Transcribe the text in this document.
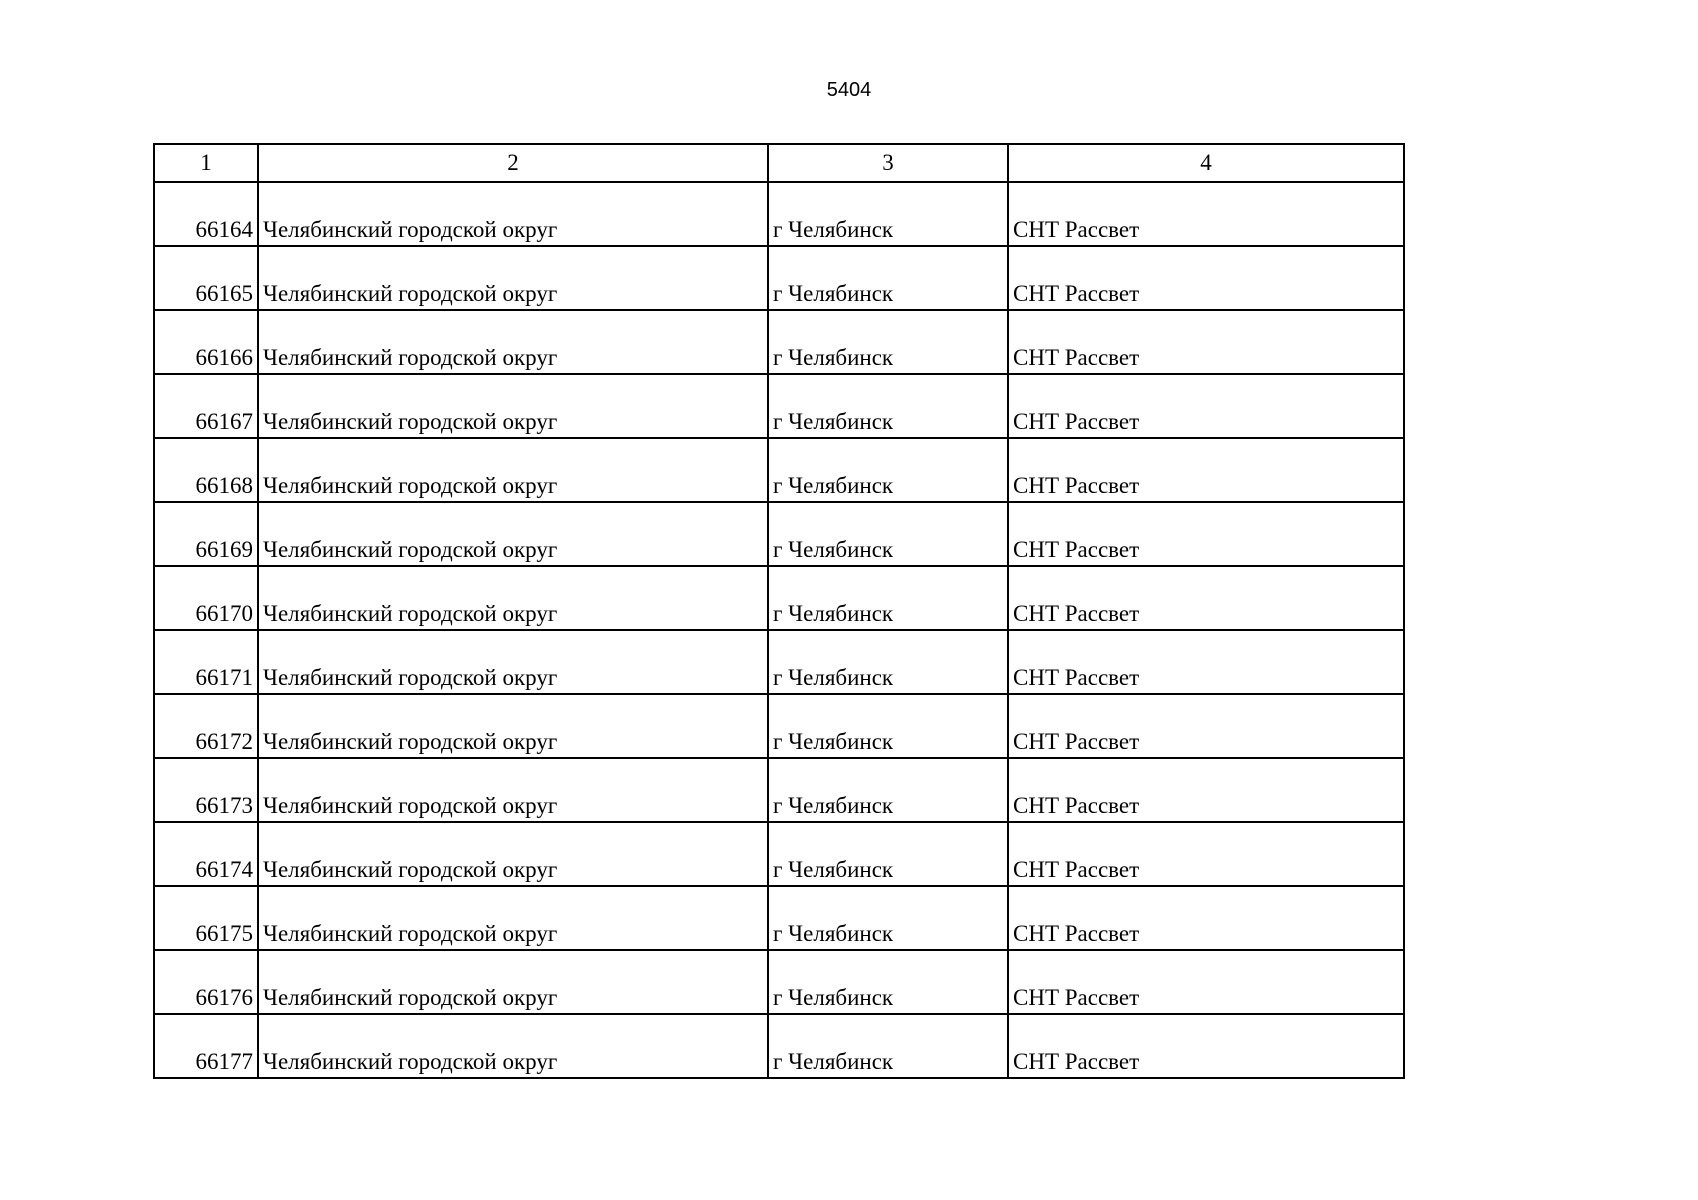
5404
1	2	3	4
66164	Челябинский городской округ	г Челябинск	СНТ Рассвет
66165	Челябинский городской округ	г Челябинск	СНТ Рассвет
66166	Челябинский городской округ	г Челябинск	СНТ Рассвет
66167	Челябинский городской округ	г Челябинск	СНТ Рассвет
66168	Челябинский городской округ	г Челябинск	СНТ Рассвет
66169	Челябинский городской округ	г Челябинск	СНТ Рассвет
66170	Челябинский городской округ	г Челябинск	СНТ Рассвет
66171	Челябинский городской округ	г Челябинск	СНТ Рассвет
66172	Челябинский городской округ	г Челябинск	СНТ Рассвет
66173	Челябинский городской округ	г Челябинск	СНТ Рассвет
66174	Челябинский городской округ	г Челябинск	СНТ Рассвет
66175	Челябинский городской округ	г Челябинск	СНТ Рассвет
66176	Челябинский городской округ	г Челябинск	СНТ Рассвет
66177	Челябинский городской округ	г Челябинск	СНТ Рассвет
